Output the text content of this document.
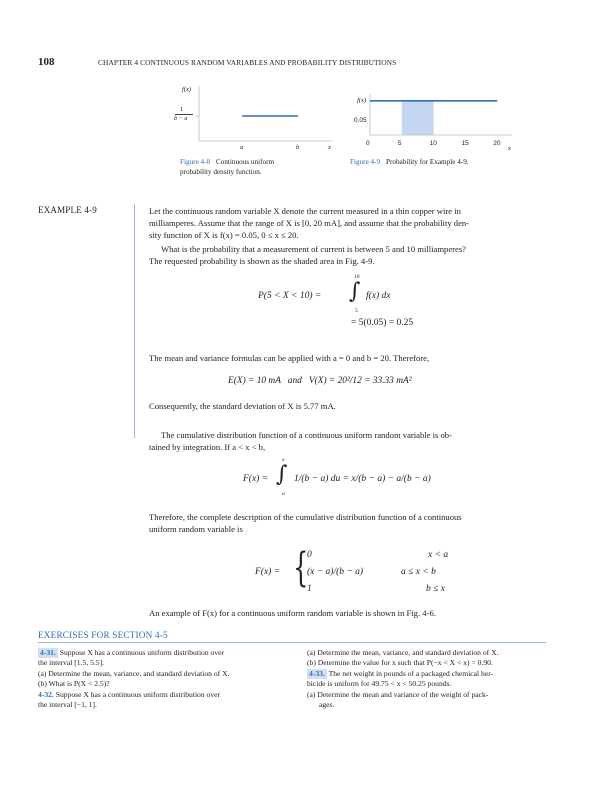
108	CHAPTER 4 CONTINUOUS RANDOM VARIABLES AND PROBABILITY DISTRIBUTIONS
f(x)
1
b − a
a	b	x
Figure 4-8 Continuous uniform
probability density function.
f(x)
0.05
0	5	10	15	20
x
Figure 4-9 Probability for Example 4-9.
EXAMPLE 4-9	Let the continuous random variable X denote the current measured in a thin copper wire in
milliamperes. Assume that the range of X is [0, 20 mA], and assume that the probability den-
sity function of X is f(x) = 0.05, 0 ≤ x ≤ 20.
What is the probability that a measurement of current is between 5 and 10 milliamperes?
The requested probability is shown as the shaded area in Fig. 4-9.
10
P(5 < X < 10) = ∫ f(x) dx
5
= 5(0.05) = 0.25
The mean and variance formulas can be applied with a = 0 and b = 20. Therefore,
E(X) = 10 mA   and   V(X) = 20²/12 = 33.33 mA²
Consequently, the standard deviation of X is 5.77 mA.
The cumulative distribution function of a continuous uniform random variable is ob-
tained by integration. If a < x < b,
x
F(x) = ∫ 1/(b − a) du = x/(b − a) − a/(b − a)
a
Therefore, the complete description of the cumulative distribution function of a continuous
uniform random variable is
F(x) = {
0	x < a
(x − a)/(b − a)	a ≤ x < b
1	b ≤ x
An example of F(x) for a continuous uniform random variable is shown in Fig. 4-6.
EXERCISES FOR SECTION 4-5
4-31. Suppose X has a continuous uniform distribution over
the interval [1.5, 5.5].
(a) Determine the mean, variance, and standard deviation of X.
(b) What is P(X < 2.5)?
4-32. Suppose X has a continuous uniform distribution over
the interval [−1, 1].
(a) Determine the mean, variance, and standard deviation of X.
(b) Determine the value for x such that P(−x < X < x) = 0.90.
4-33. The net weight in pounds of a packaged chemical her-
bicide is uniform for 49.75 < x < 50.25 pounds.
(a) Determine the mean and variance of the weight of pack-
ages.
